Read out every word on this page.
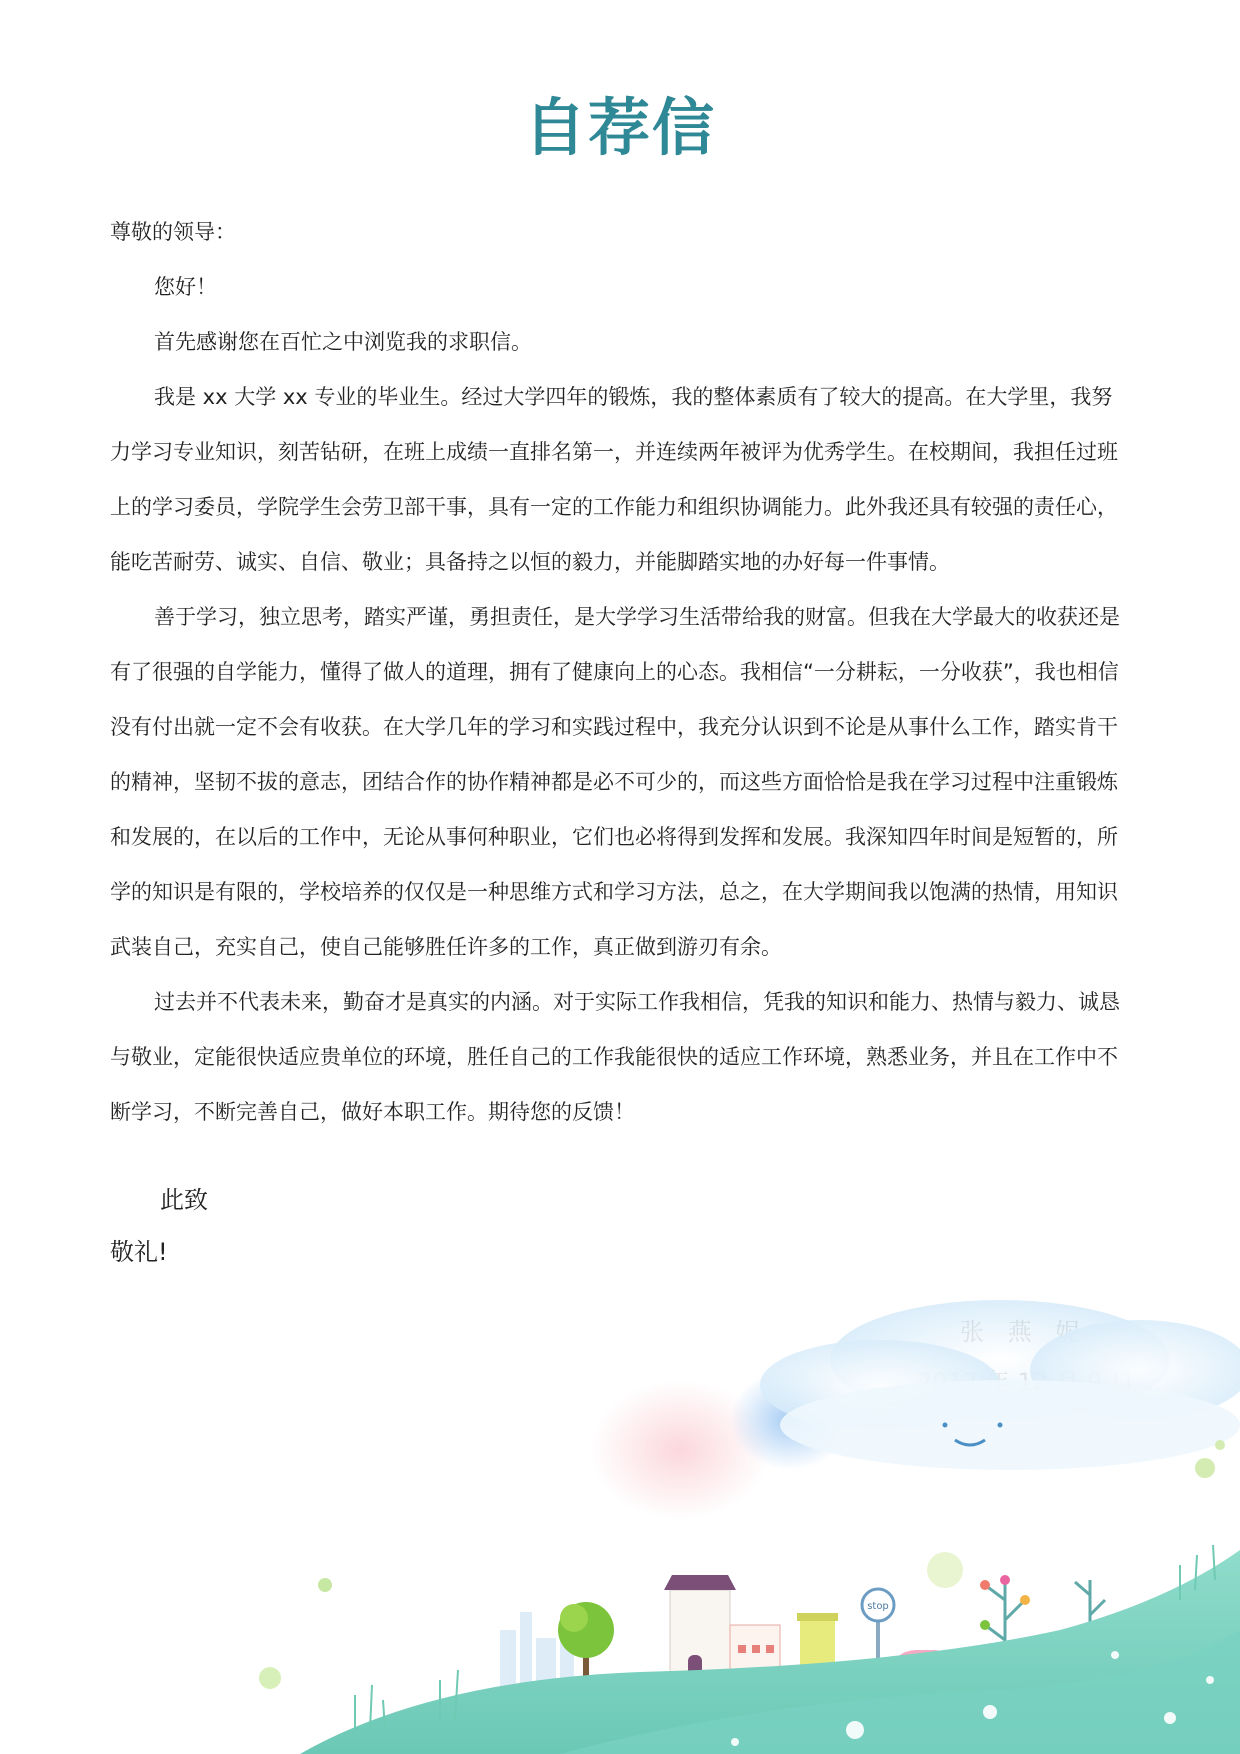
自荐信

尊敬的领导：

您好！

首先感谢您在百忙之中浏览我的求职信。

我是 xx 大学 xx 专业的毕业生。经过大学四年的锻炼，我的整体素质有了较大的提高。在大学里，我努力学习专业知识，刻苦钻研，在班上成绩一直排名第一，并连续两年被评为优秀学生。在校期间，我担任过班上的学习委员，学院学生会劳卫部干事，具有一定的工作能力和组织协调能力。此外我还具有较强的责任心，能吃苦耐劳、诚实、自信、敬业；具备持之以恒的毅力，并能脚踏实地的办好每一件事情。

善于学习，独立思考，踏实严谨，勇担责任，是大学学习生活带给我的财富。但我在大学最大的收获还是有了很强的自学能力，懂得了做人的道理，拥有了健康向上的心态。我相信“一分耕耘，一分收获”，我也相信没有付出就一定不会有收获。在大学几年的学习和实践过程中，我充分认识到不论是从事什么工作，踏实肯干的精神，坚韧不拔的意志，团结合作的协作精神都是必不可少的，而这些方面恰恰是我在学习过程中注重锻炼和发展的，在以后的工作中，无论从事何种职业，它们也必将得到发挥和发展。我深知四年时间是短暂的，所学的知识是有限的，学校培养的仅仅是一种思维方式和学习方法，总之，在大学期间我以饱满的热情，用知识武装自己，充实自己，使自己能够胜任许多的工作，真正做到游刃有余。

过去并不代表未来，勤奋才是真实的内涵。对于实际工作我相信，凭我的知识和能力、热情与毅力、诚恳与敬业，定能很快适应贵单位的环境，胜任自己的工作我能很快的适应工作环境，熟悉业务，并且在工作中不断学习，不断完善自己，做好本职工作。期待您的反馈！

此致
敬礼!
stop
